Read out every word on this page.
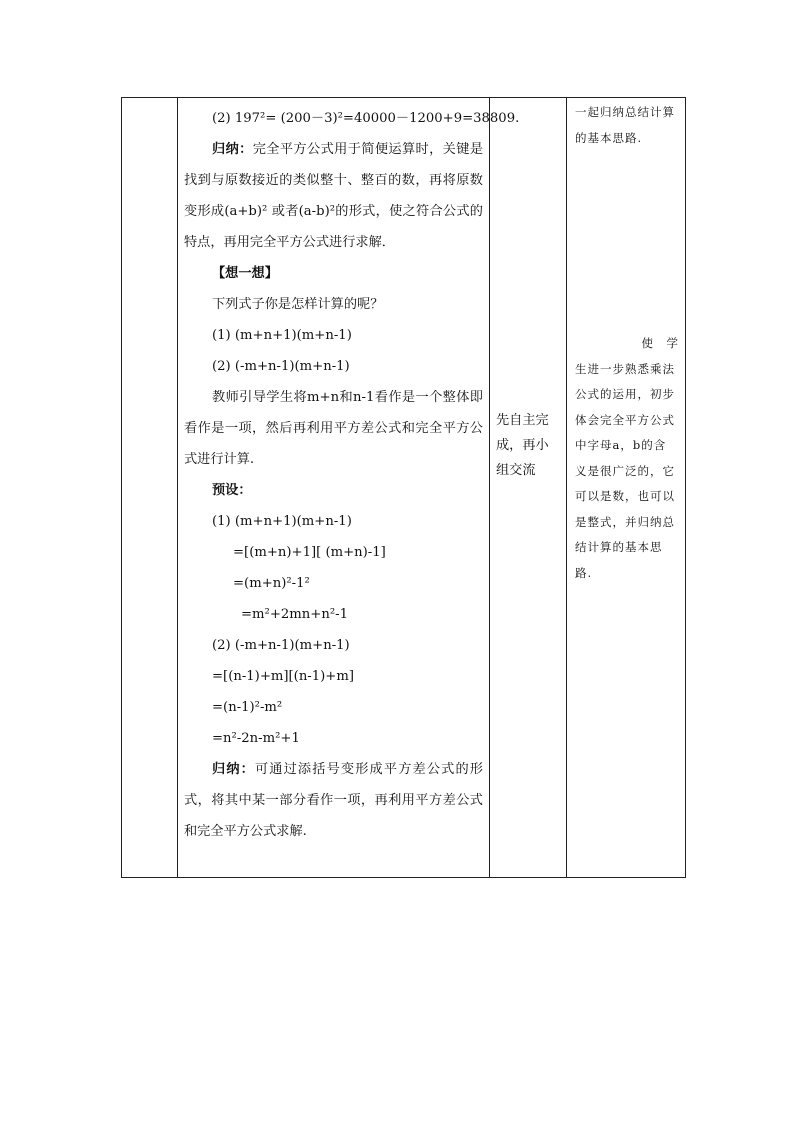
(2) 197²= (200－3)²=40000－1200+9=38809.
归纳：完全平方公式用于简便运算时，关键是找到与原数接近的类似整十、整百的数，再将原数变形成(a+b)² 或者(a-b)²的形式，使之符合公式的特点，再用完全平方公式进行求解．
【想一想】
下列式子你是怎样计算的呢？
(1) (m+n+1)(m+n-1)
(2) (-m+n-1)(m+n-1)
教师引导学生将m+n和n-1看作是一个整体即看作是一项，然后再利用平方差公式和完全平方公式进行计算.
预设：
(1) (m+n+1)(m+n-1)
=[(m+n)+1][ (m+n)-1]
=(m+n)²-1²
=m²+2mn+n²-1
(2) (-m+n-1)(m+n-1)
=[(n-1)+m][(n-1)+m]
=(n-1)²-m²
=n²-2n-m²+1
归纳：可通过添括号变形成平方差公式的形式，将其中某一部分看作一项，再利用平方差公式和完全平方公式求解.

先自主完成，再小组交流

一起归纳总结计算的基本思路.
使　学
生进一步熟悉乘法公式的运用，初步体会完全平方公式中字母a，b的含义是很广泛的，它可以是数，也可以是整式，并归纳总结计算的基本思路.
